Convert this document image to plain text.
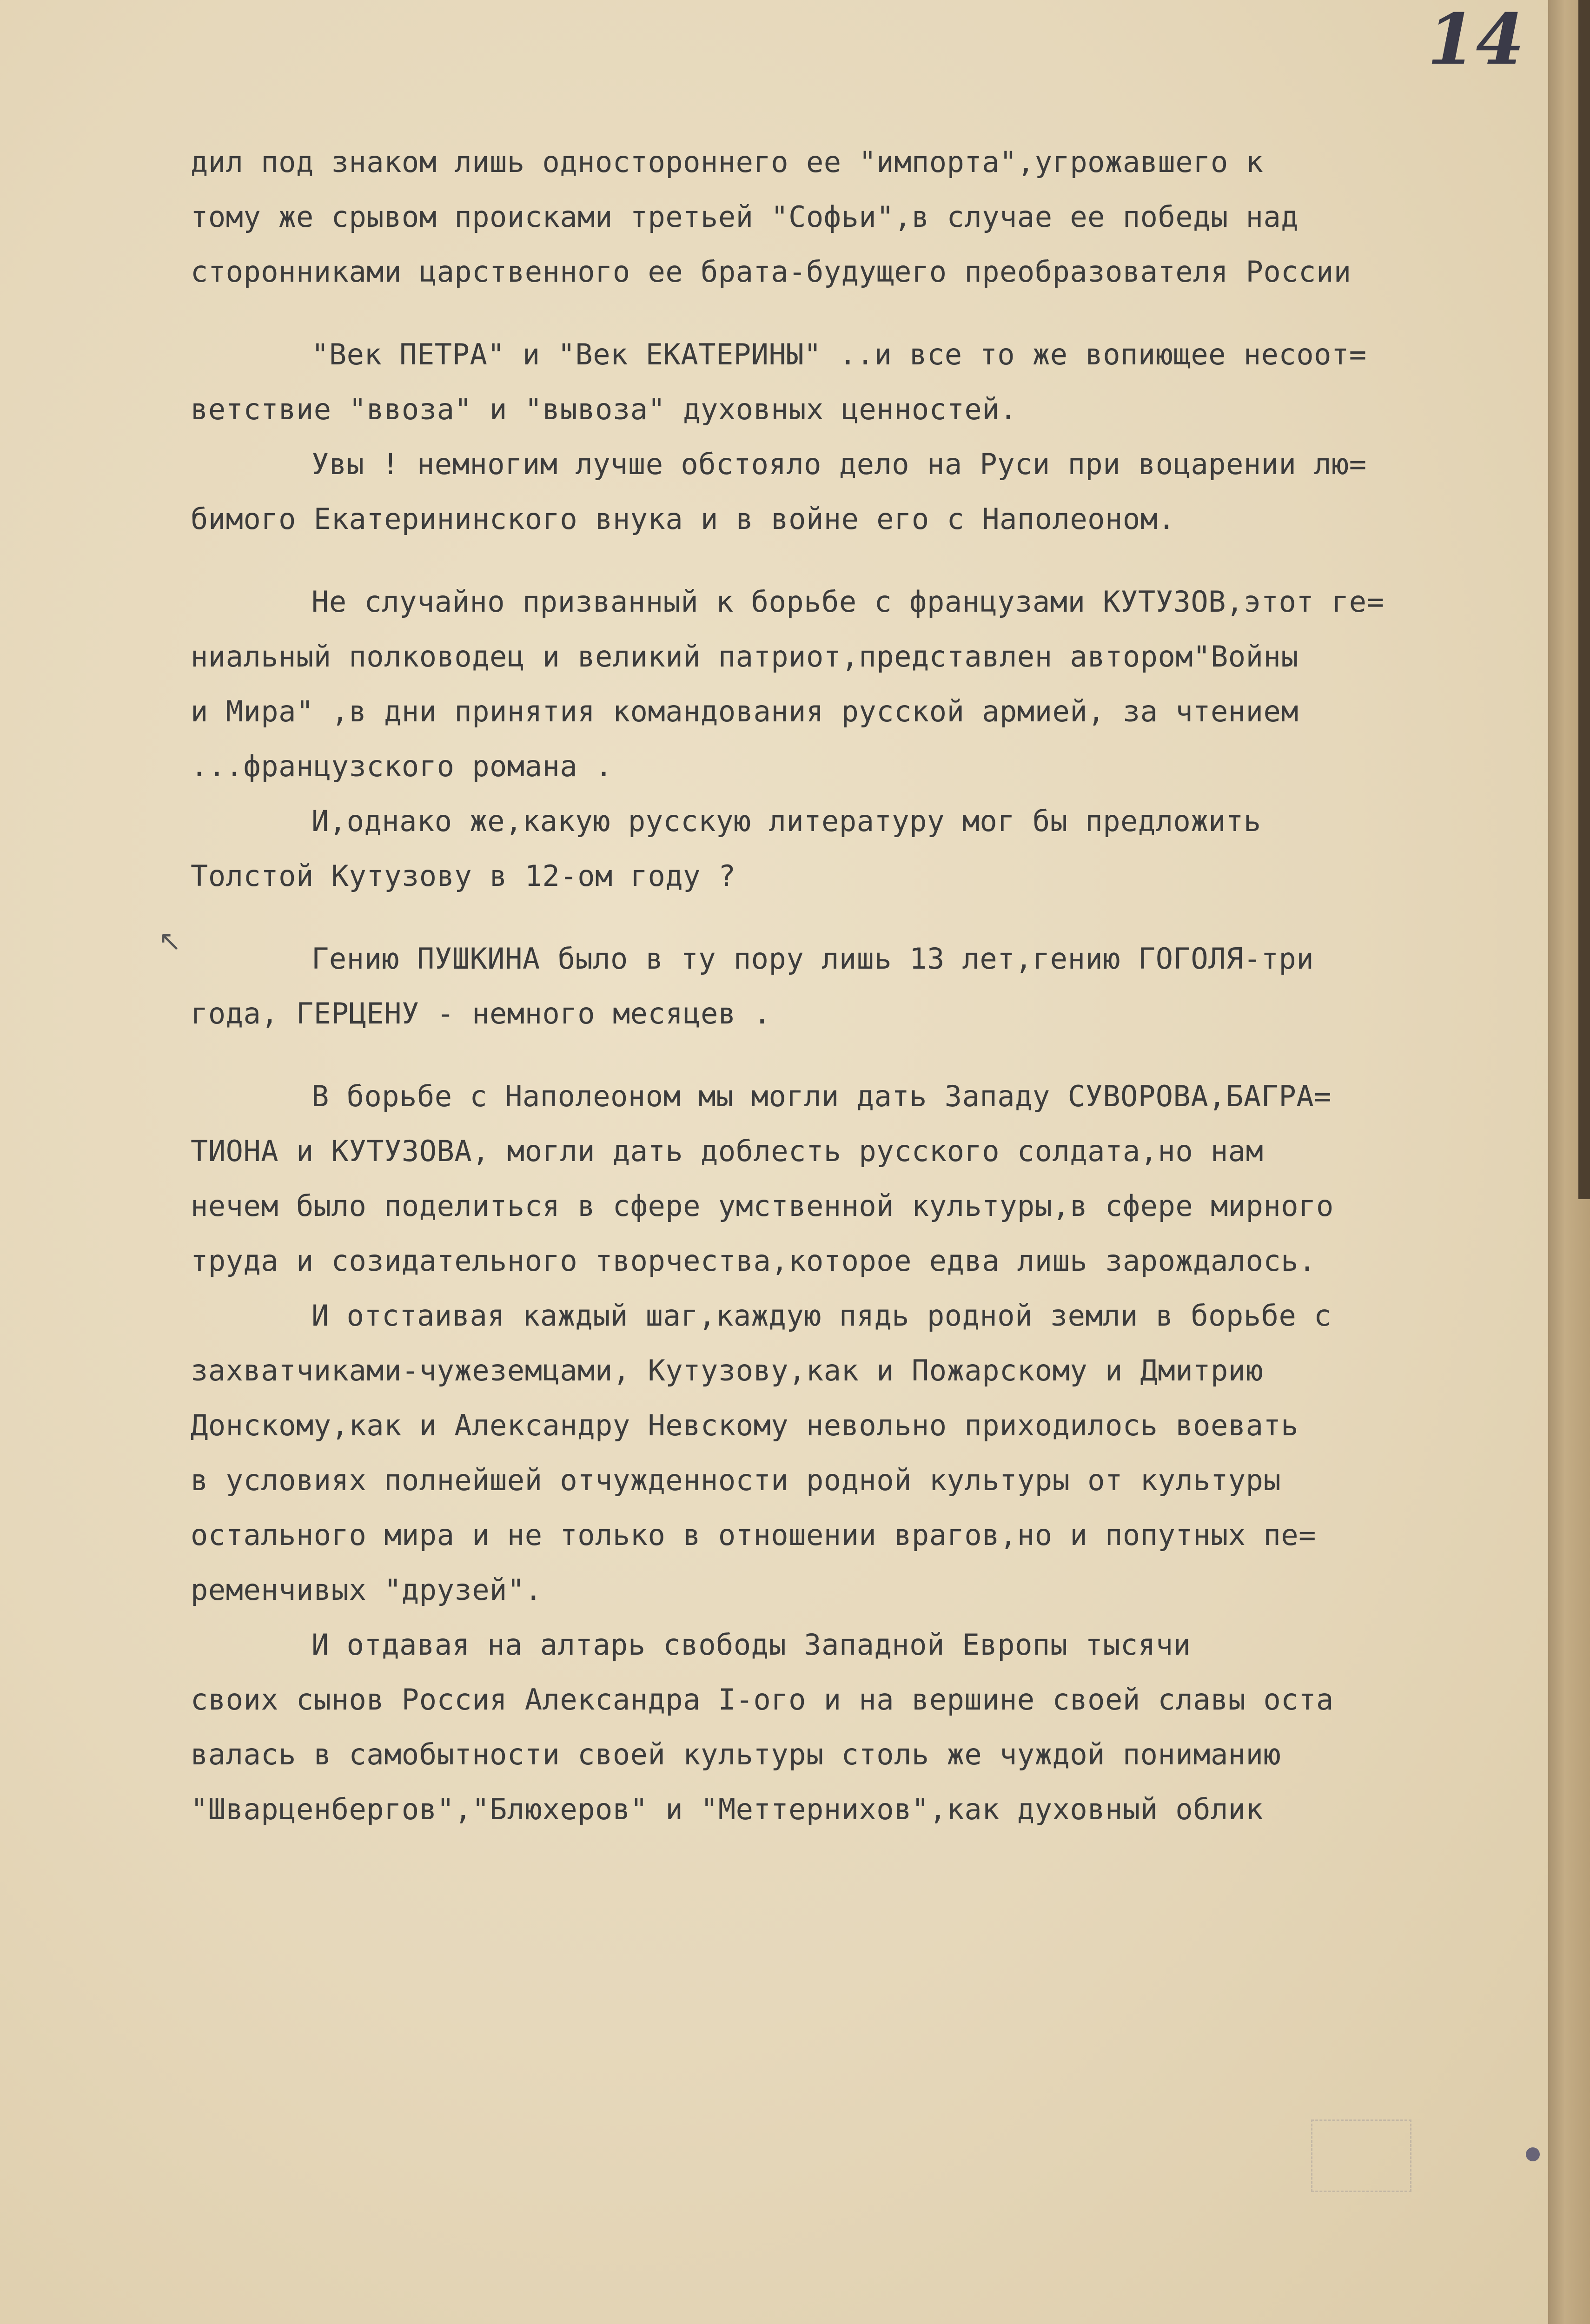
14
↖

дил под знаком лишь одностороннего ее "импорта",угрожавшего к

тому же срывом происками третьей "Софьи",в случае ее победы над

сторонниками царственного ее брата-будущего преобразователя России

"Век ПЕТРА" и "Век ЕКАТЕРИНЫ" ..и все то же вопиющее несоот=

ветствие "ввоза" и "вывоза" духовных ценностей.

Увы ! немногим лучше обстояло дело на Руси при воцарении лю=

бимого Екатерининского внука и в войне его с Наполеоном.

Не случайно призванный к борьбе с французами КУТУЗОВ,этот ге=

ниальный полководец и великий патриот,представлен автором"Войны

и Мира" ,в дни принятия командования русской армией, за чтением

...французского романа .

И,однако же,какую русскую литературу мог бы предложить

Толстой Кутузову в 12-ом году ?

Гению ПУШКИНА было в ту пору лишь 13 лет,гению ГОГОЛЯ-три

года, ГЕРЦЕНУ - немного месяцев .

В борьбе с Наполеоном мы могли дать Западу СУВОРОВА,БАГРА=

ТИОНА и КУТУЗОВА, могли дать доблесть русского солдата,но нам

нечем было поделиться в сфере умственной культуры,в сфере мирного

труда и созидательного творчества,которое едва лишь зарождалось.

И отстаивая каждый шаг,каждую пядь родной земли в борьбе с

захватчиками-чужеземцами, Кутузову,как и Пожарскому и Дмитрию

Донскому,как и Александру Невскому невольно приходилось воевать

в условиях полнейшей отчужденности родной культуры от культуры

остального мира и не только в отношении врагов,но и попутных пе=

ременчивых "друзей".

И отдавая на алтарь свободы Западной Европы тысячи

своих сынов Россия Александра I-ого и на вершине своей славы оста

валась в самобытности своей культуры столь же чуждой пониманию

"Шварценбергов","Блюхеров" и "Меттернихов",как духовный облик
